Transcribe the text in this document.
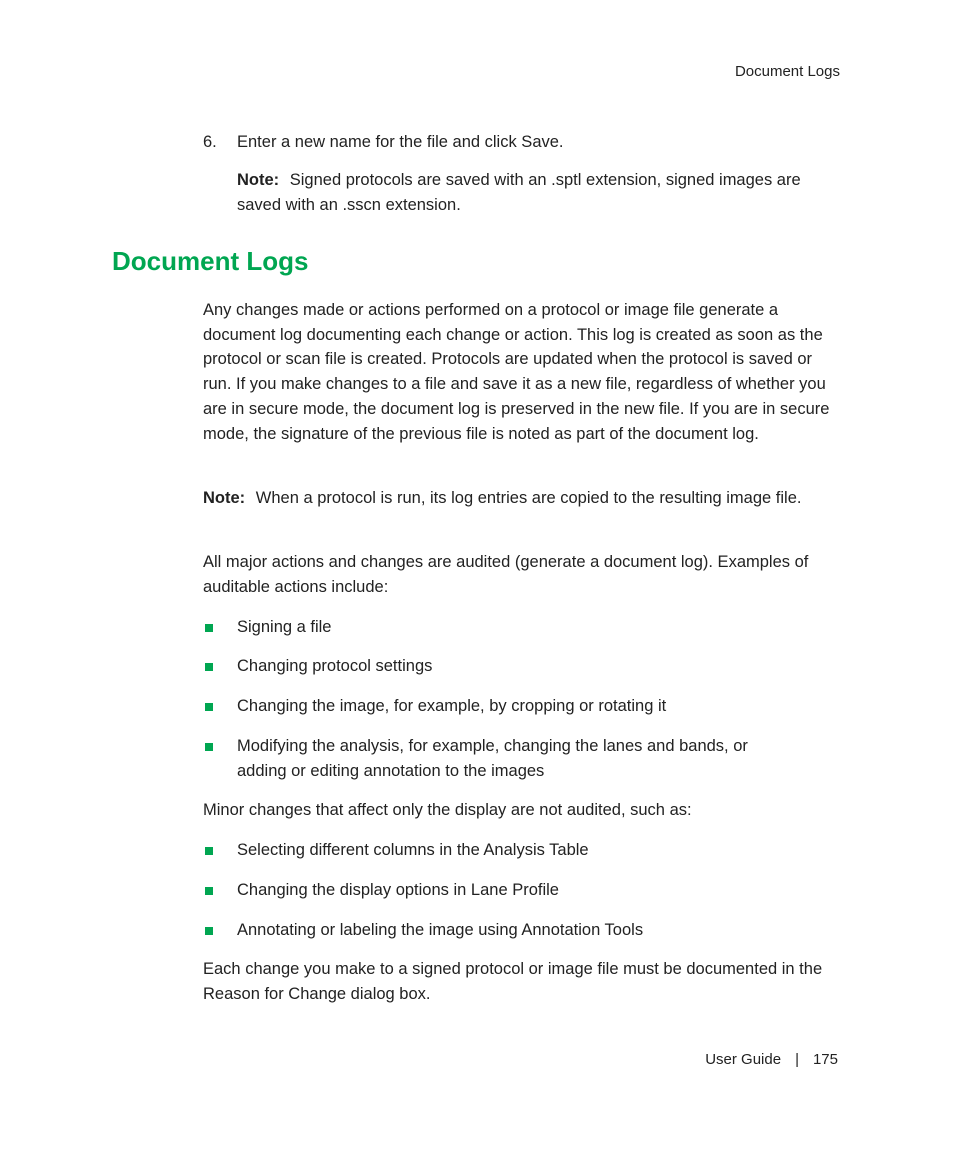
Document Logs
6. Enter a new name for the file and click Save.
Note: Signed protocols are saved with an .sptl extension, signed images are saved with an .sscn extension.
Document Logs

Any changes made or actions performed on a protocol or image file generate a document log documenting each change or action. This log is created as soon as the protocol or scan file is created. Protocols are updated when the protocol is saved or run. If you make changes to a file and save it as a new file, regardless of whether you are in secure mode, the document log is preserved in the new file. If you are in secure mode, the signature of the previous file is noted as part of the document log.

Note: When a protocol is run, its log entries are copied to the resulting image file.

All major actions and changes are audited (generate a document log). Examples of auditable actions include:

Signing a file
Changing protocol settings
Changing the image, for example, by cropping or rotating it
Modifying the analysis, for example, changing the lanes and bands, or adding or editing annotation to the images

Minor changes that affect only the display are not audited, such as:

Selecting different columns in the Analysis Table
Changing the display options in Lane Profile
Annotating or labeling the image using Annotation Tools

Each change you make to a signed protocol or image file must be documented in the Reason for Change dialog box.

User Guide | 175
